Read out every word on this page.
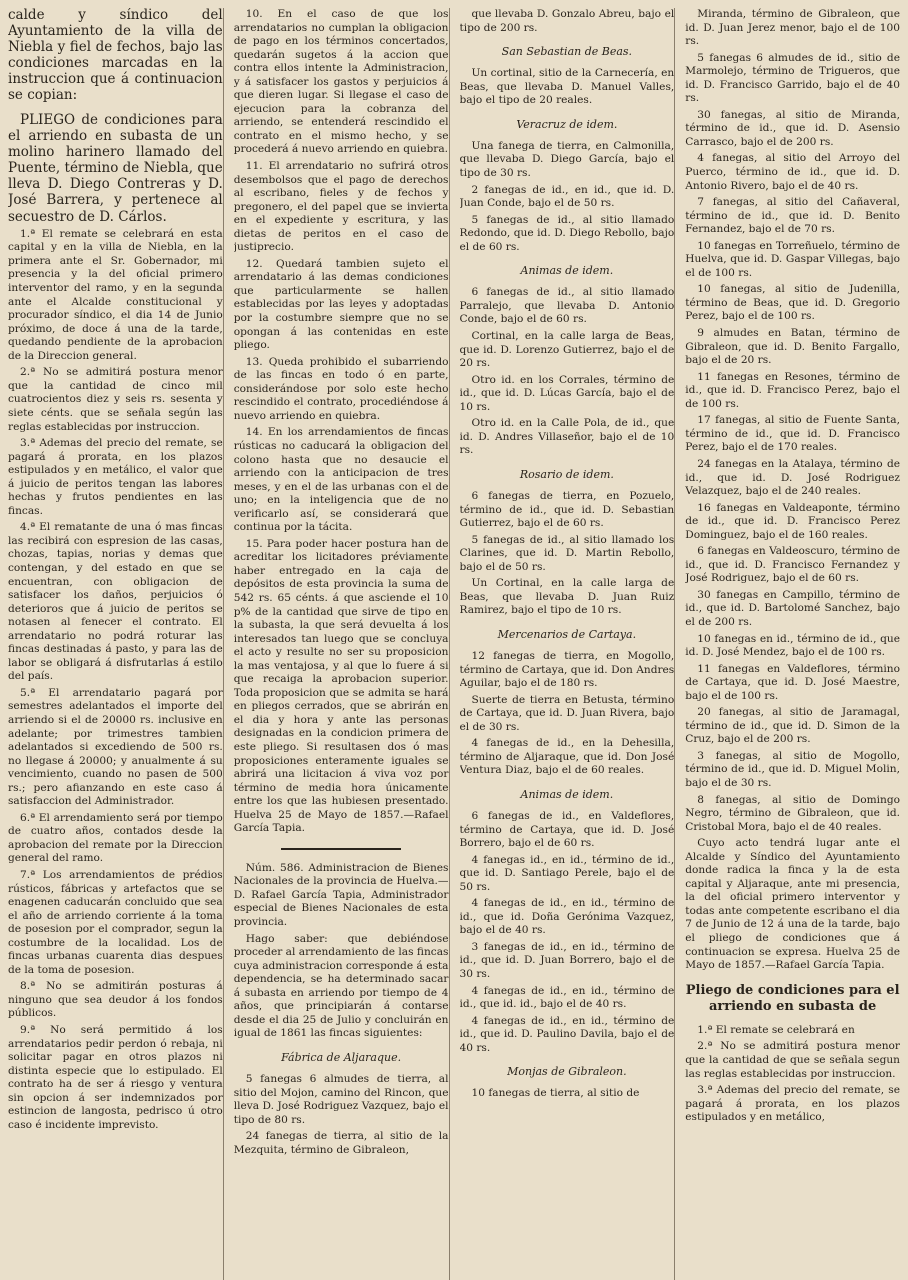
calde y síndico del Ayuntamiento de la villa de Niebla y fiel de fechos, bajo las condiciones marcadas en la instruccion que á continuacion se copian:

PLIEGO de condiciones para el arriendo en subasta de un molino harinero llamado del Puente, término de Niebla, que lleva D. Diego Contreras y D. José Barrera, y pertenece al secuestro de D. Cárlos.

1.ª El remate se celebrará en esta capital y en la villa de Niebla, en la primera ante el Sr. Gobernador, mi presencia y la del oficial primero interventor del ramo, y en la segunda ante el Alcalde constitucional y procurador síndico, el dia 14 de Junio próximo, de doce á una de la tarde, quedando pendiente de la aprobacion de la Direccion general.

2.ª No se admitirá postura menor que la cantidad de cinco mil cuatrocientos diez y seis rs. sesenta y siete cénts. que se señala según las reglas establecidas por instruccion.

3.ª Ademas del precio del remate, se pagará á prorata, en los plazos estipulados y en metálico, el valor que á juicio de peritos tengan las labores hechas y frutos pendientes en las fincas.

4.ª El rematante de una ó mas fincas las recibirá con espresion de las casas, chozas, tapias, norias y demas que contengan, y del estado en que se encuentran, con obligacion de satisfacer los daños, perjuicios ó deterioros que á juicio de peritos se notasen al fenecer el contrato. El arrendatario no podrá roturar las fincas destinadas á pasto, y para las de labor se obligará á disfrutarlas á estilo del país.

5.ª El arrendatario pagará por semestres adelantados el importe del arriendo si el de 20000 rs. inclusive en adelante; por trimestres tambien adelantados si excediendo de 500 rs. no llegase á 20000; y anualmente á su vencimiento, cuando no pasen de 500 rs.; pero afianzando en este caso á satisfaccion del Administrador.

6.ª El arrendamiento será por tiempo de cuatro años, contados desde la aprobacion del remate por la Direccion general del ramo.

7.ª Los arrendamientos de prédios rústicos, fábricas y artefactos que se enagenen caducarán concluido que sea el año de arriendo corriente á la toma de posesion por el comprador, segun la costumbre de la localidad. Los de fincas urbanas cuarenta dias despues de la toma de posesion.

8.ª No se admitirán posturas á ninguno que sea deudor á los fondos públicos.

9.ª No será permitido á los arrendatarios pedir perdon ó rebaja, ni solicitar pagar en otros plazos ni distinta especie que lo estipulado. El contrato ha de ser á riesgo y ventura sin opcion á ser indemnizados por estincion de langosta, pedrisco ú otro caso é incidente imprevisto.

10. En el caso de que los arrendatarios no cumplan la obligacion de pago en los términos concertados, quedarán sugetos á la accion que contra ellos intente la Administracion, y á satisfacer los gastos y perjuicios á que dieren lugar. Si llegase el caso de ejecucion para la cobranza del arriendo, se entenderá rescindido el contrato en el mismo hecho, y se procederá á nuevo arriendo en quiebra.

11. El arrendatario no sufrirá otros desembolsos que el pago de derechos al escribano, fieles y de fechos y pregonero, el del papel que se invierta en el expediente y escritura, y las dietas de peritos en el caso de justiprecio.

12. Quedará tambien sujeto el arrendatario á las demas condiciones que particularmente se hallen establecidas por las leyes y adoptadas por la costumbre siempre que no se opongan á las contenidas en este pliego.

13. Queda prohibido el subarriendo de las fincas en todo ó en parte, considerándose por solo este hecho rescindido el contrato, procediéndose á nuevo arriendo en quiebra.

14. En los arrendamientos de fincas rústicas no caducará la obligacion del colono hasta que no desaucie el arriendo con la anticipacion de tres meses, y en el de las urbanas con el de uno; en la inteligencia que de no verificarlo así, se considerará que continua por la tácita.

15. Para poder hacer postura han de acreditar los licitadores préviamente haber entregado en la caja de depósitos de esta provincia la suma de 542 rs. 65 cénts. á que asciende el 10 p% de la cantidad que sirve de tipo en la subasta, la que será devuelta á los interesados tan luego que se concluya el acto y resulte no ser su proposicion la mas ventajosa, y al que lo fuere á si que recaiga la aprobacion superior. Toda proposicion que se admita se hará en pliegos cerrados, que se abrirán en el dia y hora y ante las personas designadas en la condicion primera de este pliego. Si resultasen dos ó mas proposiciones enteramente iguales se abrirá una licitacion á viva voz por término de media hora únicamente entre los que las hubiesen presentado. Huelva 25 de Mayo de 1857.—Rafael García Tapia.

Núm. 586. Administracion de Bienes Nacionales de la provincia de Huelva.—D. Rafael García Tapia, Administrador especial de Bienes Nacionales de esta provincia.

Hago saber: que debiéndose proceder al arrendamiento de las fincas cuya administracion corresponde á esta dependencia, se ha determinado sacar á subasta en arriendo por tiempo de 4 años, que principiarán á contarse desde el dia 25 de Julio y concluirán en igual de 1861 las fincas siguientes:

Fábrica de Aljaraque.

5 fanegas 6 almudes de tierra, al sitio del Mojon, camino del Rincon, que lleva D. José Rodriguez Vazquez, bajo el tipo de 80 rs.

24 fanegas de tierra, al sitio de la Mezquita, término de Gibraleon,

que llevaba D. Gonzalo Abreu, bajo el tipo de 200 rs.

San Sebastian de Beas.

Un cortinal, sitio de la Carnecería, en Beas, que llevaba D. Manuel Valles, bajo el tipo de 20 reales.

Veracruz de idem.

Una fanega de tierra, en Calmonilla, que llevaba D. Diego García, bajo el tipo de 30 rs.

2 fanegas de id., en id., que id. D. Juan Conde, bajo el de 50 rs.

5 fanegas de id., al sitio llamado Redondo, que id. D. Diego Rebollo, bajo el de 60 rs.

Animas de idem.

6 fanegas de id., al sitio llamado Parralejo, que llevaba D. Antonio Conde, bajo el de 60 rs.

Cortinal, en la calle larga de Beas, que id. D. Lorenzo Gutierrez, bajo el de 20 rs.

Otro id. en los Corrales, término de id., que id. D. Lúcas García, bajo el de 10 rs.

Otro id. en la Calle Pola, de id., que id. D. Andres Villaseñor, bajo el de 10 rs.

Rosario de idem.

6 fanegas de tierra, en Pozuelo, término de id., que id. D. Sebastian Gutierrez, bajo el de 60 rs.

5 fanegas de id., al sitio llamado los Clarines, que id. D. Martin Rebollo, bajo el de 50 rs.

Un Cortinal, en la calle larga de Beas, que llevaba D. Juan Ruiz Ramirez, bajo el tipo de 10 rs.

Mercenarios de Cartaya.

12 fanegas de tierra, en Mogollo, término de Cartaya, que id. Don Andres Aguilar, bajo el de 180 rs.

Suerte de tierra en Betusta, término de Cartaya, que id. D. Juan Rivera, bajo el de 30 rs.

4 fanegas de id., en la Dehesilla, término de Aljaraque, que id. Don José Ventura Diaz, bajo el de 60 reales.

Animas de idem.

6 fanegas de id., en Valdeflores, término de Cartaya, que id. D. José Borrero, bajo el de 60 rs.

4 fanegas id., en id., término de id., que id. D. Santiago Perele, bajo el de 50 rs.

4 fanegas de id., en id., término de id., que id. Doña Gerónima Vazquez, bajo el de 40 rs.

3 fanegas de id., en id., término de id., que id. D. Juan Borrero, bajo el de 30 rs.

4 fanegas de id., en id., término de id., que id. id., bajo el de 40 rs.

4 fanegas de id., en id., término de id., que id. D. Paulino Davila, bajo el de 40 rs.

Monjas de Gibraleon.

10 fanegas de tierra, al sitio de

Miranda, término de Gibraleon, que id. D. Juan Jerez menor, bajo el de 100 rs.

5 fanegas 6 almudes de id., sitio de Marmolejo, término de Trigueros, que id. D. Francisco Garrido, bajo el de 40 rs.

30 fanegas, al sitio de Miranda, término de id., que id. D. Asensio Carrasco, bajo el de 200 rs.

4 fanegas, al sitio del Arroyo del Puerco, término de id., que id. D. Antonio Rivero, bajo el de 40 rs.

7 fanegas, al sitio del Cañaveral, término de id., que id. D. Benito Fernandez, bajo el de 70 rs.

10 fanegas en Torreñuelo, término de Huelva, que id. D. Gaspar Villegas, bajo el de 100 rs.

10 fanegas, al sitio de Judenilla, término de Beas, que id. D. Gregorio Perez, bajo el de 100 rs.

9 almudes en Batan, término de Gibraleon, que id. D. Benito Fargallo, bajo el de 20 rs.

11 fanegas en Resones, término de id., que id. D. Francisco Perez, bajo el de 100 rs.

17 fanegas, al sitio de Fuente Santa, término de id., que id. D. Francisco Perez, bajo el de 170 reales.

24 fanegas en la Atalaya, término de id., que id. D. José Rodriguez Velazquez, bajo el de 240 reales.

16 fanegas en Valdeaponte, término de id., que id. D. Francisco Perez Dominguez, bajo el de 160 reales.

6 fanegas en Valdeoscuro, término de id., que id. D. Francisco Fernandez y José Rodriguez, bajo el de 60 rs.

30 fanegas en Campillo, término de id., que id. D. Bartolomé Sanchez, bajo el de 200 rs.

10 fanegas en id., término de id., que id. D. José Mendez, bajo el de 100 rs.

11 fanegas en Valdeflores, término de Cartaya, que id. D. José Maestre, bajo el de 100 rs.

20 fanegas, al sitio de Jaramagal, término de id., que id. D. Simon de la Cruz, bajo el de 200 rs.

3 fanegas, al sitio de Mogollo, término de id., que id. D. Miguel Molin, bajo el de 30 rs.

8 fanegas, al sitio de Domingo Negro, término de Gibraleon, que id. Cristobal Mora, bajo el de 40 reales.

Cuyo acto tendrá lugar ante el Alcalde y Síndico del Ayuntamiento donde radica la finca y la de esta capital y Aljaraque, ante mi presencia, la del oficial primero interventor y todas ante competente escribano el dia 7 de Junio de 12 á una de la tarde, bajo el pliego de condiciones que á continuacion se expresa. Huelva 25 de Mayo de 1857.—Rafael García Tapia.

Pliego de condiciones para el arriendo en subasta de

1.ª El remate se celebrará en

2.ª No se admitirá postura menor que la cantidad de que se señala segun las reglas establecidas por instruccion.

3.ª Ademas del precio del remate, se pagará á prorata, en los plazos estipulados y en metálico,
